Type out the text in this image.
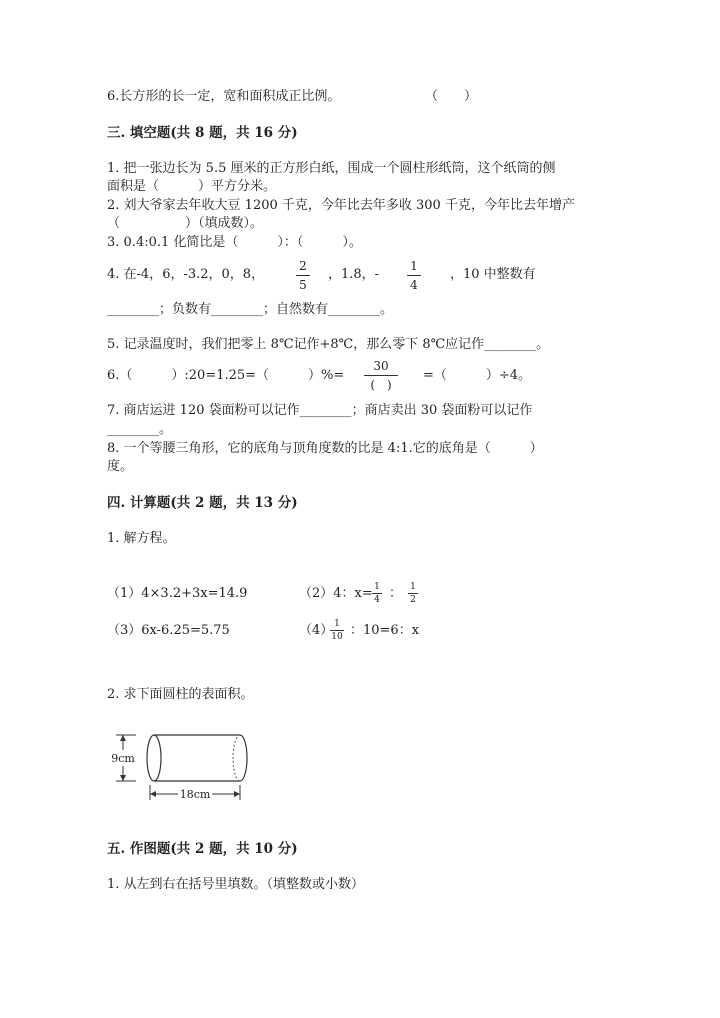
6.长方形的长一定，宽和面积成正比例。	（　　）
三. 填空题(共 8 题，共 16 分)
1. 把一张边长为 5.5 厘米的正方形白纸，围成一个圆柱形纸筒，这个纸筒的侧
面积是（　　　）平方分米。
2. 刘大爷家去年收大豆 1200 千克，今年比去年多收 300 千克，今年比去年增产
（　　　　　）（填成数）。
3. 0.4:0.1 化简比是（　　　）：（　　　）。
4. 在-4，6，-3.2，0，8，
2
5
，1.8，-
1
4
，10 中整数有
________；负数有________；自然数有________。
5. 记录温度时，我们把零上 8℃记作+8℃，那么零下 8℃应记作________。
6.（　　　）:20=1.25=（　　　）%=
30
(　)
=（　　　）÷4。
7. 商店运进 120 袋面粉可以记作________；商店卖出 30 袋面粉可以记作
________。
8. 一个等腰三角形，它的底角与顶角度数的比是 4:1.它的底角是（　　　）
度。
四. 计算题(共 2 题，共 13 分)
1. 解方程。
（1）4×3.2+3x=14.9	（2）4：x= 1
4 ： 1
2
（3）6x-6.25=5.75	（4） 1
10 ：10=6：x
2. 求下面圆柱的表面积。
9cm
18cm
五. 作图题(共 2 题，共 10 分)
1. 从左到右在括号里填数。（填整数或小数）
